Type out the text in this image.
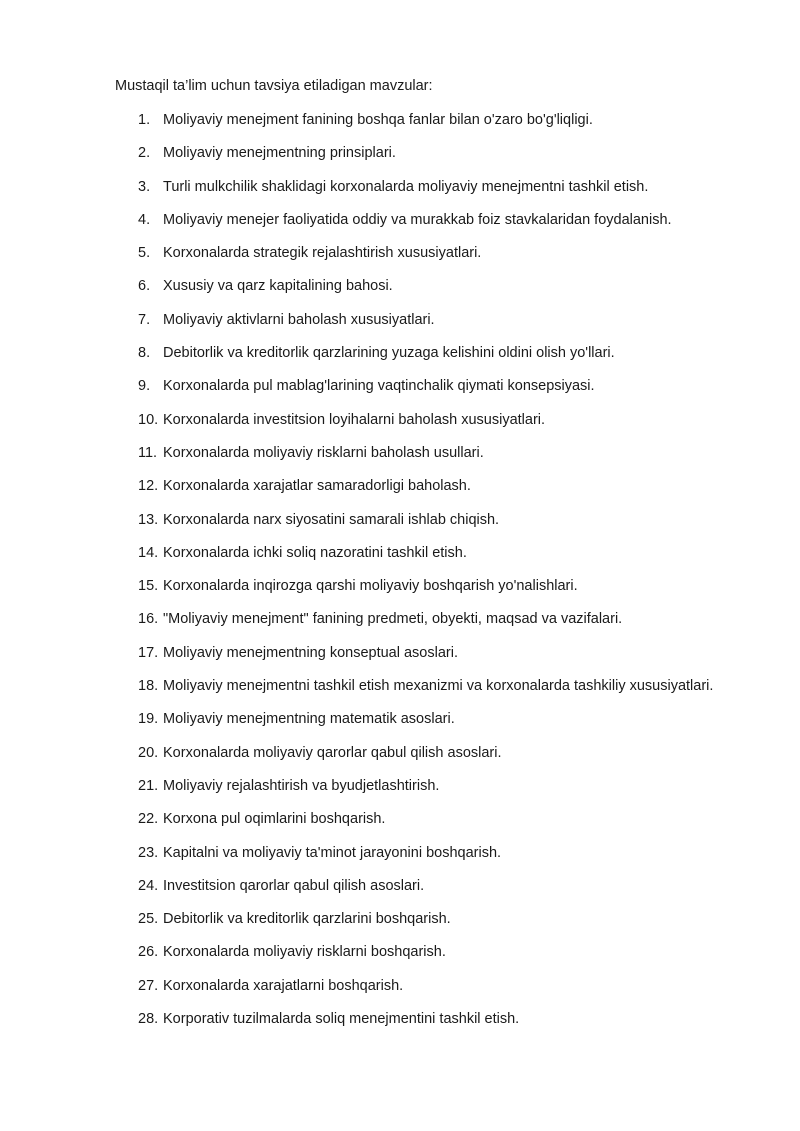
Mustaqil ta’lim uchun tavsiya etiladigan mavzular:
1. Moliyaviy menejment fanining boshqa fanlar bilan o'zaro bo'g'liqligi.
2. Moliyaviy menejmentning prinsiplari.
3. Turli mulkchilik shaklidagi korxonalarda moliyaviy menejmentni tashkil etish.
4. Moliyaviy menejer faoliyatida oddiy va murakkab foiz stavkalaridan foydalanish.
5. Korxonalarda strategik rejalashtirish xususiyatlari.
6. Xususiy va qarz kapitalining bahosi.
7. Moliyaviy aktivlarni baholash xususiyatlari.
8. Debitorlik va kreditorlik qarzlarining yuzaga kelishini oldini olish yo'llari.
9. Korxonalarda pul mablag'larining vaqtinchalik qiymati konsepsiyasi.
10. Korxonalarda investitsion loyihalarni baholash xususiyatlari.
11. Korxonalarda moliyaviy risklarni baholash usullari.
12. Korxonalarda xarajatlar samaradorligi baholash.
13. Korxonalarda narx siyosatini samarali ishlab chiqish.
14. Korxonalarda ichki soliq nazoratini tashkil etish.
15. Korxonalarda inqirozga qarshi moliyaviy boshqarish yo'nalishlari.
16. "Moliyaviy menejment" fanining predmeti, obyekti, maqsad va vazifalari.
17. Moliyaviy menejmentning konseptual asoslari.
18. Moliyaviy menejmentni tashkil etish mexanizmi va korxonalarda tashkiliy xususiyatlari.
19. Moliyaviy menejmentning matematik asoslari.
20. Korxonalarda moliyaviy qarorlar qabul qilish asoslari.
21. Moliyaviy rejalashtirish va byudjetlashtirish.
22. Korxona pul oqimlarini boshqarish.
23. Kapitalni va moliyaviy ta'minot jarayonini boshqarish.
24. Investitsion qarorlar qabul qilish asoslari.
25. Debitorlik va kreditorlik qarzlarini boshqarish.
26. Korxonalarda moliyaviy risklarni boshqarish.
27. Korxonalarda xarajatlarni boshqarish.
28. Korporativ tuzilmalarda soliq menejmentini tashkil etish.
